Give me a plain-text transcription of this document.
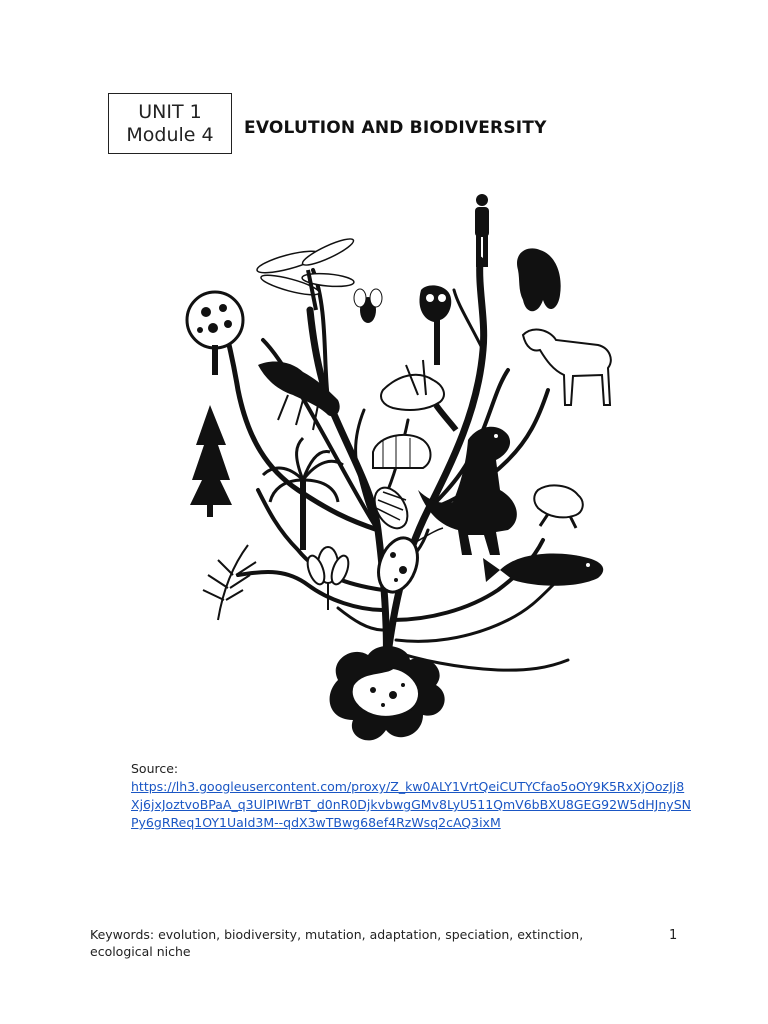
UNIT 1
Module 4 EVOLUTION AND BIODIVERSITY
Source:
https://lh3.googleusercontent.com/proxy/Z_kw0ALY1VrtQeiCUTYCfao5oOY9K5RxXjOozJj8Xj6jxJoztvoBPaA_q3UlPIWrBT_d0nR0DjkvbwgGMv8LyU511QmV6bBXU8GEG92W5dHJnySNPy6gRReq1OY1UaId3M--qdX3wTBwg68ef4RzWsq2cAQ3ixM
Keywords: evolution, biodiversity, mutation, adaptation, speciation, extinction, ecological niche
1
